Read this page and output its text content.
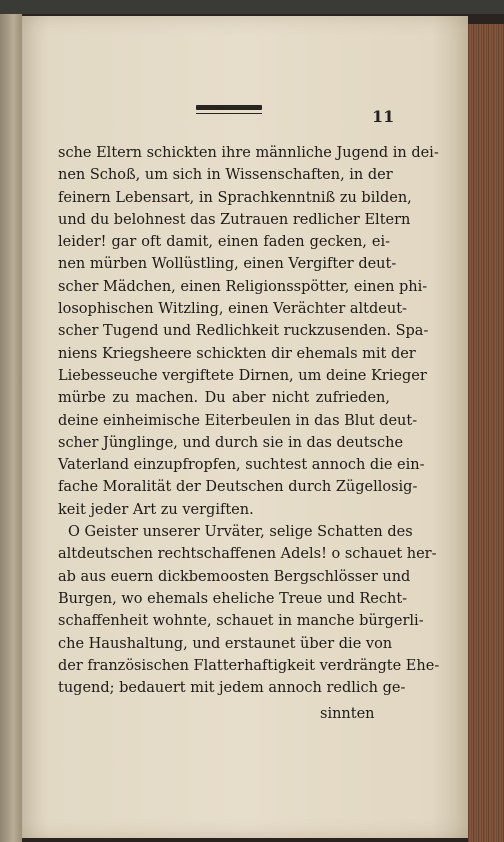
11
sche Eltern schickten ihre männliche Jugend in dei-
nen Schoß, um sich in Wissenschaften, in der
feinern Lebensart, in Sprachkenntniß zu bilden,
und du belohnest das Zutrauen redlicher Eltern
leider! gar oft damit, einen faden gecken, ei-
nen mürben Wollüstling, einen Vergifter deut-
scher Mädchen, einen Religionsspötter, einen phi-
losophischen Witzling, einen Verächter altdeut-
scher Tugend und Redlichkeit ruckzusenden. Spa-
niens Kriegsheere schickten dir ehemals mit der
Liebesseuche vergiftete Dirnen, um deine Krieger
mürbe zu machen. Du aber nicht zufrieden,
deine einheimische Eiterbeulen in das Blut deut-
scher Jünglinge, und durch sie in das deutsche
Vaterland einzupfropfen, suchtest annoch die ein-
fache Moralität der Deutschen durch Zügellosig-
keit jeder Art zu vergiften.
O Geister unserer Urväter, selige Schatten des
altdeutschen rechtschaffenen Adels! o schauet her-
ab aus euern dickbemoosten Bergschlösser und
Burgen, wo ehemals eheliche Treue und Recht-
schaffenheit wohnte, schauet in manche bürgerli-
che Haushaltung, und erstaunet über die von
der französischen Flatterhaftigkeit verdrängte Ehe-
tugend; bedauert mit jedem annoch redlich ge-
sinnten
